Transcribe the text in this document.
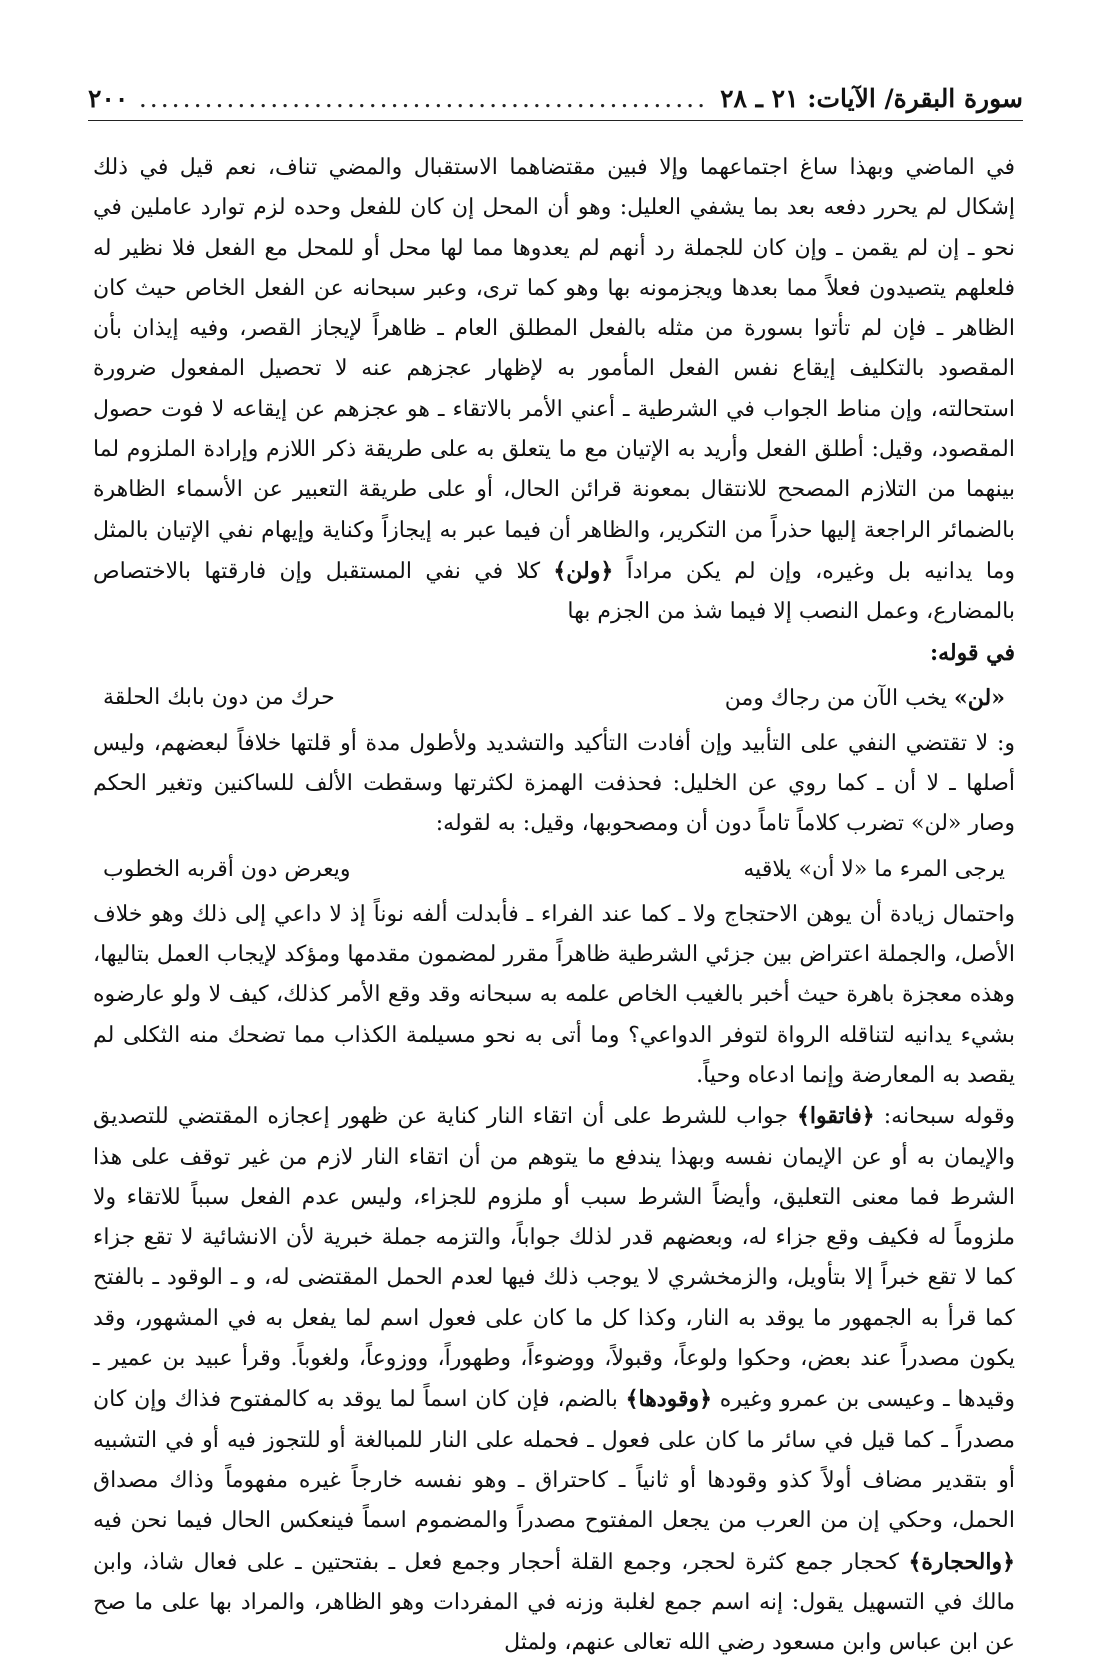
٢٠٠
.....	سورة البقرة/ الآيات: ٢١ ـ ٢٨

في الماضي وبهذا ساغ اجتماعهما وإلا فبين مقتضاهما الاستقبال والمضي تناف، نعم قيل في ذلك إشكال لم يحرر دفعه بعد بما يشفي العليل: وهو أن المحل إن كان للفعل وحده لزم توارد عاملين في نحو ـ إن لم يقمن ـ وإن كان للجملة رد أنهم لم يعدوها مما لها محل أو للمحل مع الفعل فلا نظير له فلعلهم يتصيدون فعلاً مما بعدها ويجزمونه بها وهو كما ترى، وعبر سبحانه عن الفعل الخاص حيث كان الظاهر ـ فإن لم تأتوا بسورة من مثله بالفعل المطلق العام ـ ظاهراً لإيجاز القصر، وفيه إيذان بأن المقصود بالتكليف إيقاع نفس الفعل المأمور به لإظهار عجزهم عنه لا تحصيل المفعول ضرورة استحالته، وإن مناط الجواب في الشرطية ـ أعني الأمر بالاتقاء ـ هو عجزهم عن إيقاعه لا فوت حصول المقصود، وقيل: أطلق الفعل وأريد به الإتيان مع ما يتعلق به على طريقة ذكر اللازم وإرادة الملزوم لما بينهما من التلازم المصحح للانتقال بمعونة قرائن الحال، أو على طريقة التعبير عن الأسماء الظاهرة بالضمائر الراجعة إليها حذراً من التكرير، والظاهر أن فيما عبر به إيجازاً وكناية وإيهام نفي الإتيان بالمثل وما يدانيه بل وغيره، وإن لم يكن مراداً ﴿ولن﴾ كلا في نفي المستقبل وإن فارقتها بالاختصاص بالمضارع، وعمل النصب إلا فيما شذ من الجزم بها

في قوله:

«لن» يخب الآن من رجاك ومن
حرك من دون بابك الحلقة

و: لا تقتضي النفي على التأبيد وإن أفادت التأكيد والتشديد ولأطول مدة أو قلتها خلافاً لبعضهم، وليس أصلها ـ لا أن ـ كما روي عن الخليل: فحذفت الهمزة لكثرتها وسقطت الألف للساكنين وتغير الحكم وصار «لن» تضرب كلاماً تاماً دون أن ومصحوبها، وقيل: به لقوله:

يرجى المرء ما «لا أن» يلاقيه
ويعرض دون أقربه الخطوب

واحتمال زيادة أن يوهن الاحتجاج ولا ـ كما عند الفراء ـ فأبدلت ألفه نوناً إذ لا داعي إلى ذلك وهو خلاف الأصل، والجملة اعتراض بين جزئي الشرطية ظاهراً مقرر لمضمون مقدمها ومؤكد لإيجاب العمل بتاليها، وهذه معجزة باهرة حيث أخبر بالغيب الخاص علمه به سبحانه وقد وقع الأمر كذلك، كيف لا ولو عارضوه بشيء يدانيه لتناقله الرواة لتوفر الدواعي؟ وما أتى به نحو مسيلمة الكذاب مما تضحك منه الثكلى لم يقصد به المعارضة وإنما ادعاه وحياً.

وقوله سبحانه: ﴿فاتقوا﴾ جواب للشرط على أن اتقاء النار كناية عن ظهور إعجازه المقتضي للتصديق والإيمان به أو عن الإيمان نفسه وبهذا يندفع ما يتوهم من أن اتقاء النار لازم من غير توقف على هذا الشرط فما معنى التعليق، وأيضاً الشرط سبب أو ملزوم للجزاء، وليس عدم الفعل سبباً للاتقاء ولا ملزوماً له فكيف وقع جزاء له، وبعضهم قدر لذلك جواباً، والتزمه جملة خبرية لأن الانشائية لا تقع جزاء كما لا تقع خبراً إلا بتأويل، والزمخشري لا يوجب ذلك فيها لعدم الحمل المقتضى له، و ـ الوقود ـ بالفتح كما قرأ به الجمهور ما يوقد به النار، وكذا كل ما كان على فعول اسم لما يفعل به في المشهور، وقد يكون مصدراً عند بعض، وحكوا ولوعاً، وقبولاً، ووضوءاً، وطهوراً، ووزوعاً، ولغوباً. وقرأ عبيد بن عمير ـ وقيدها ـ وعيسى بن عمرو وغيره ﴿وقودها﴾ بالضم، فإن كان اسماً لما يوقد به كالمفتوح فذاك وإن كان مصدراً ـ كما قيل في سائر ما كان على فعول ـ فحمله على النار للمبالغة أو للتجوز فيه أو في التشبيه أو بتقدير مضاف أولاً كذو وقودها أو ثانياً ـ كاحتراق ـ وهو نفسه خارجاً غيره مفهوماً وذاك مصداق الحمل، وحكي إن من العرب من يجعل المفتوح مصدراً والمضموم اسماً فينعكس الحال فيما نحن فيه ﴿والحجارة﴾ كحجار جمع كثرة لحجر، وجمع القلة أحجار وجمع فعل ـ بفتحتين ـ على فعال شاذ، وابن مالك في التسهيل يقول: إنه اسم جمع لغلبة وزنه في المفردات وهو الظاهر، والمراد بها على ما صح عن ابن عباس وابن مسعود رضي الله تعالى عنهم، ولمثل
